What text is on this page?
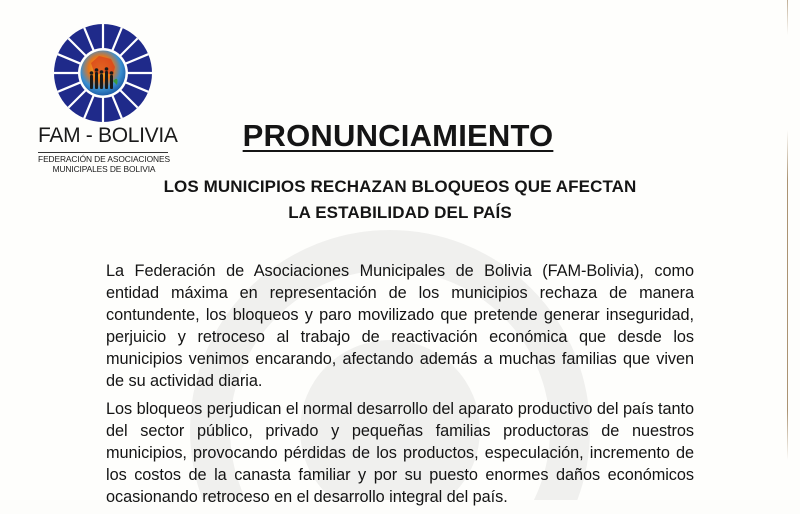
FAM - BOLIVIA
FEDERACIÓN DE ASOCIACIONES
MUNICIPALES DE BOLIVIA
PRONUNCIAMIENTO
LOS MUNICIPIOS RECHAZAN BLOQUEOS QUE AFECTAN
LA ESTABILIDAD DEL PAÍS

La Federación de Asociaciones Municipales de Bolivia (FAM-Bolivia), como entidad máxima en representación de los municipios rechaza de manera contundente, los bloqueos y paro movilizado que pretende generar inseguridad, perjuicio y retroceso al trabajo de reactivación económica que desde los municipios venimos encarando, afectando además a muchas familias que viven de su actividad diaria.

Los bloqueos perjudican el normal desarrollo del aparato productivo del país tanto del sector público, privado y pequeñas familias productoras de nuestros municipios, provocando pérdidas de los productos, especulación, incremento de los costos de la canasta familiar y por su puesto enormes daños económicos ocasionando retroceso en el desarrollo integral del país.
